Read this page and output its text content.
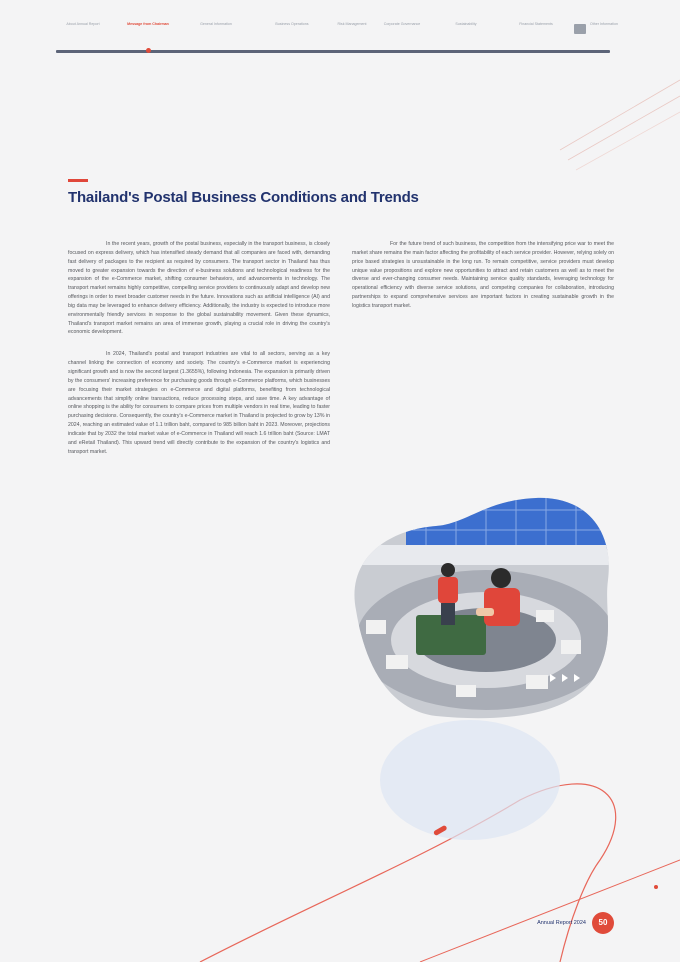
About Annual Report	Message from Chairman	General Information	Business Operations	Risk Management	Corporate Governance	Sustainability	Financial Statements	Other Information
Thailand's Postal Business Conditions and Trends

In the recent years, growth of the postal business, especially in the transport business, is closely focused on express delivery, which has intensified steady demand that all companies are faced with, demanding fast delivery of packages to the recipient as required by consumers. The transport sector in Thailand has thus moved to greater expansion towards the direction of e-business solutions and technological readiness for the expansion of the e-Commerce market, shifting consumer behaviors, and advancements in technology. The transport market remains highly competitive, compelling service providers to continuously adapt and develop new offerings in order to meet broader customer needs in the future. Innovations such as artificial intelligence (AI) and big data may be leveraged to enhance delivery efficiency. Additionally, the industry is expected to introduce more environmentally friendly services in response to the global sustainability movement. Given these dynamics, Thailand's transport market remains an area of immense growth, playing a crucial role in driving the country's economic development.

In 2024, Thailand's postal and transport industries are vital to all sectors, serving as a key channel linking the connection of economy and society. The country's e-Commerce market is experiencing significant growth and is now the second largest (1.3655%), following Indonesia. The expansion is primarily driven by the consumers' increasing preference for purchasing goods through e-Commerce platforms, which businesses are focusing their market strategies on e-Commerce and digital platforms, benefiting from technological advancements that simplify online transactions, reduce processing steps, and save time. A key advantage of online shopping is the ability for consumers to compare prices from multiple vendors in real time, leading to faster purchasing decisions. Consequently, the country's e-Commerce market in Thailand is projected to grow by 13% in 2024, reaching an estimated value of 1.1 trillion baht, compared to 985 billion baht in 2023. Moreover, projections indicate that by 2032 the total market value of e-Commerce in Thailand will reach 1.6 trillion baht (Source: LMAT and eRetail Thailand). This upward trend will directly contribute to the expansion of the country's logistics and transport market.

For the future trend of such business, the competition from the intensifying price war to meet the market share remains the main factor affecting the profitability of each service provider. However, relying solely on price based strategies is unsustainable in the long run. To remain competitive, service providers must develop unique value propositions and explore new opportunities to attract and retain customers as well as to meet the diverse and ever-changing consumer needs. Maintaining service quality standards, leveraging technology for operational efficiency with diverse service solutions, and competing companies for collaboration, introducing partnerships to expand comprehensive services are important factors in creating sustainable growth in the logistics transport market.

Annual Report 2024	50
